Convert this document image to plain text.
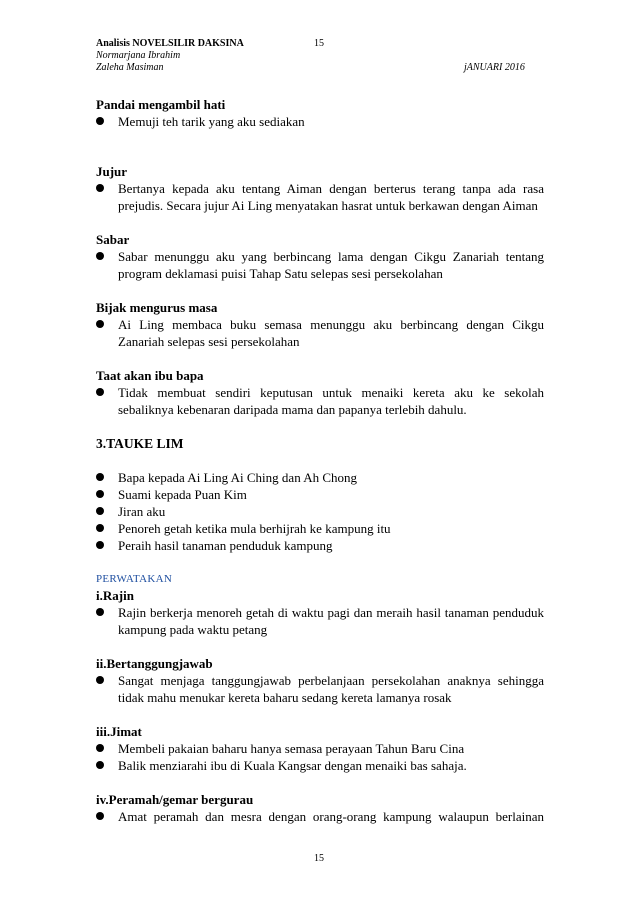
Analisis NOVELSILIR DAKSINA	15
Normarjana Ibrahim
Zaleha Masiman	jANUARI 2016
Pandai mengambil hati
Memuji teh tarik yang aku sediakan
Jujur
Bertanya kepada aku tentang Aiman dengan berterus terang tanpa ada rasa
prejudis. Secara jujur Ai Ling menyatakan hasrat untuk berkawan dengan Aiman
Sabar
Sabar menunggu aku yang berbincang lama dengan Cikgu Zanariah tentang
program deklamasi puisi Tahap Satu selepas sesi persekolahan
Bijak mengurus masa
Ai Ling membaca buku semasa menunggu aku berbincang dengan Cikgu
Zanariah selepas sesi persekolahan
Taat akan ibu bapa
Tidak membuat sendiri keputusan untuk menaiki kereta aku ke sekolah
sebaliknya kebenaran daripada mama dan papanya terlebih dahulu.
3.TAUKE LIM
Bapa kepada Ai Ling Ai Ching dan Ah Chong
Suami kepada Puan Kim
Jiran aku
Penoreh getah ketika mula berhijrah ke kampung itu
Peraih hasil tanaman penduduk kampung
PERWATAKAN
i.Rajin
Rajin berkerja menoreh getah di waktu pagi dan meraih hasil tanaman penduduk
kampung pada waktu petang
ii.Bertanggungjawab
Sangat menjaga tanggungjawab perbelanjaan persekolahan anaknya sehingga
tidak mahu menukar kereta baharu sedang kereta lamanya rosak
iii.Jimat
Membeli pakaian baharu hanya semasa perayaan Tahun Baru Cina
Balik menziarahi ibu di Kuala Kangsar dengan menaiki bas sahaja.
iv.Peramah/gemar bergurau
Amat peramah dan mesra dengan orang-orang kampung walaupun berlainan
15
